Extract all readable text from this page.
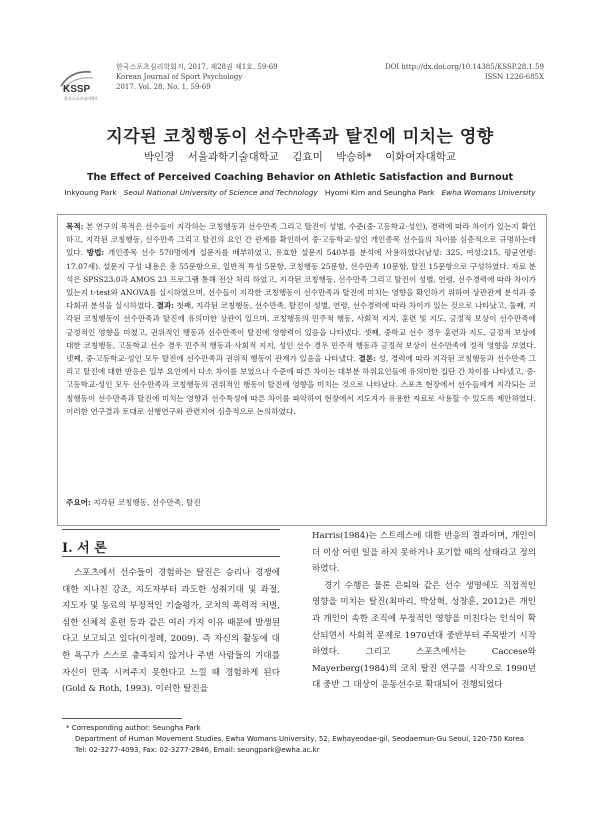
KSSP
한국스포츠심리학회
한국스포츠심리학회지, 2017, 제28권 제1호, 59-69
Korean Journal of Sport Psychology
2017. Vol. 28, No. 1, 59-69
DOI http://dx.doi.org/10.14385/KSSP.28.1.59
ISSN 1226-685X
지각된 코칭행동이 선수만족과 탈진에 미치는 영향
박인경 서울과학기술대학교 김효미 박승하* 이화여자대학교
The Effect of Perceived Coaching Behavior on Athletic Satisfaction and Burnout
Inkyoung Park Seoul National University of Science and Technology Hyomi Kim and Seungha Park Ewha Womans University
목적: 본 연구의 목적은 선수들이 지각하는 코칭행동과 선수만족 그리고 탈진이 성별, 수준(중·고등학교·성인), 경력에 따라 차이가 있는지 확인하고, 지각된 코칭행동, 선수만족 그리고 탈진의 요인 간 관계를 확인하여 중·고등학교·성인 개인종목 선수들의 차이를 심층적으로 규명하는데 있다. 방법: 개인종목 선수 570명에게 설문지를 배부하였고, 유효한 설문지 540부를 분석에 사용하였다(남성: 325, 여성:215, 평균연령: 17.07세). 설문지 구성 내용은 총 55문항으로, 일반적 특성 5문항, 코칭행동 25문항, 선수만족 10문항, 탈진 15문항으로 구성하였다. 자료 분석은 SPSS23.0과 AMOS 23 프로그램 통해 전산 처리 하였고, 지각된 코칭행동, 선수만족 그리고 탈진이 성별, 연령, 선수경력에 따라 차이가 있는지 t-test와 ANOVA를 실시하였으며, 선수들이 지각한 코칭행동이 선수만족과 탈진에 미치는 영향을 확인하기 위하여 상관관계 분석과 중다회귀 분석을 실시하였다. 결과: 첫째, 지각된 코칭행동, 선수만족, 탈진이 성별, 연령, 선수경력에 따라 차이가 있는 것으로 나타났고, 둘째, 지각된 코칭행동이 선수만족과 탈진에 유의미한 상관이 있으며, 코칭행동의 민주적 행동, 사회적 지지, 훈련 및 지도, 긍정적 보상이 선수만족에 긍정적인 영향을 미쳤고, 권위적인 행동과 선수만족이 탈진에 영향력이 있음을 나타냈다. 셋째, 중학교 선수 경우 훈련과 지도, 긍정적 보상에 대한 코칭행동, 고등학교 선수 경우 민주적 행동과 사회적 지지, 성인 선수 경우 민주적 행동과 긍정적 보상이 선수만족에 정적 영향을 보였다. 넷째, 중·고등학교·성인 모두 탈진에 선수만족과 권위적 행동이 관계가 있음을 나타냈다. 결론: 성, 경력에 따라 지각된 코칭행동과 선수만족 그리고 탈진에 대한 반응은 일부 요인에서 다소 차이를 보였으나 수준에 따른 차이는 대부분 하위요인들에 유의미한 집단 간 차이를 나타냈고, 중·고등학교·성인 모두 선수만족과 코칭행동의 권위적인 행동이 탈진에 영향을 미치는 것으로 나타났다. 스포츠 현장에서 선수들에게 지각되는 코칭행동이 선수만족과 탈진에 미치는 영향과 선수특성에 따른 차이를 파악하여 현장에서 지도자가 유용한 자료로 사용할 수 있도록 제안하였다. 이러한 연구결과 토대로 선행연구와 관련지어 심층적으로 논의하였다.
주요어: 지각된 코칭행동, 선수만족, 탈진
I. 서 론
스포츠에서 선수들이 경험하는 탈진은 승리나 경쟁에 대한 지나친 강조, 지도자부터 과도한 성취기대 및 좌절, 지도자 및 동료의 부정적인 기술평가, 코치의 폭력적 처벌, 심한 신체적 훈련 등과 같은 여러 가지 이유 때문에 발생된다고 보고되고 있다(이정례, 2009). 즉 자신의 활동에 대한 욕구가 스스로 충족되지 않거나 주변 사람들의 기대를 자신이 만족 시켜주지 못한다고 느낄 때 경험하게 된다(Gold & Roth, 1993). 이러한 탈진을

Harris(1984)는 스트레스에 대한 반응의 결과이며, 개인이 더 이상 어떤 일을 하지 못하거나 포기할 때의 상태라고 정의하였다.

경기 수행은 물론 은퇴와 같은 선수 생명에도 직접적인 영향을 미치는 탈진(최마리, 박상혁, 성창훈, 2012)은 개인과 개인이 속한 조직에 부정적인 영향을 미친다는 인식이 확산되면서 사회적 문제로 1970년대 중반부터 주목받기 시작하였다. 그리고 스포츠에서는 Caccese와 Mayerberg(1984)의 코치 탈진 연구를 시작으로 1990년대 중반 그 대상이 운동선수로 확대되어 진행되었다

* Corresponding author: Seungha Park
Department of Human Movement Studies, Ewha Womans University, 52, Ewhayeodae-gil, Seodaemun-Gu Seoul, 120-750 Korea
Tel: 02-3277-4093, Fax: 02-3277-2846, Email: seungpark@ewha.ac.kr
